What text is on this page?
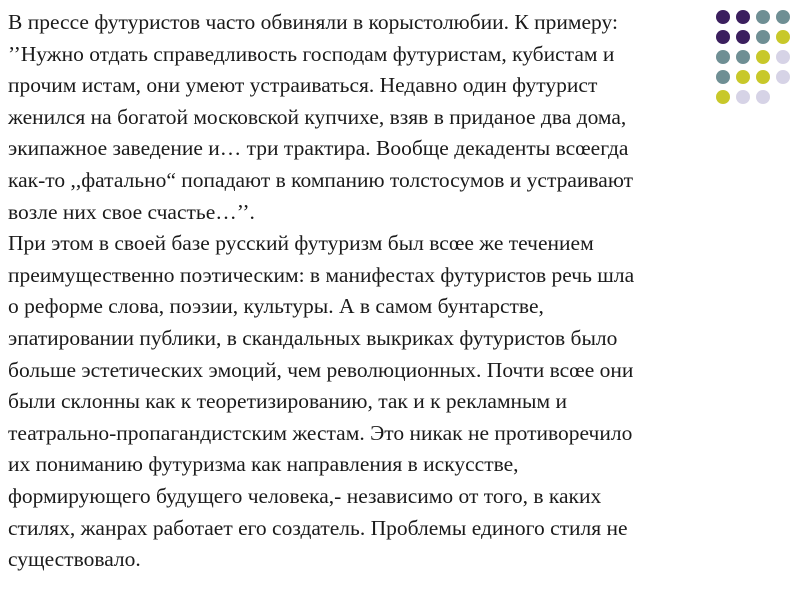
В прессе футуристов часто обвиняли в корыстолюбии. К примеру:
’’Нужно отдать справедливость господам футуристам, кубистам и
прочим истам, они умеют устраиваться. Недавно один футурист
женился на богатой московской купчихе, взяв в приданое два дома,
экипажное заведение и… три трактира. Вообще декаденты всœегда
как-то ,,фатально“ попадают в компанию толстосумов и устраивают
возле них свое счастье…’’.
При этом в своей базе русский футуризм был всœе же течением
преимущественно поэтическим: в манифестах футуристов речь шла
о реформе слова, поэзии, культуры. А в самом бунтарстве,
эпатировании публики, в скандальных выкриках футуристов было
больше эстетических эмоций, чем революционных. Почти всœе они
были склонны как к теоретизированию, так и к рекламным и
театрально-пропагандистским жестам. Это никак не противоречило
их пониманию футуризма как направления в искусстве,
формирующего будущего человека,- независимо от того, в каких
стилях, жанрах работает его создатель. Проблемы единого стиля не
существовало.
